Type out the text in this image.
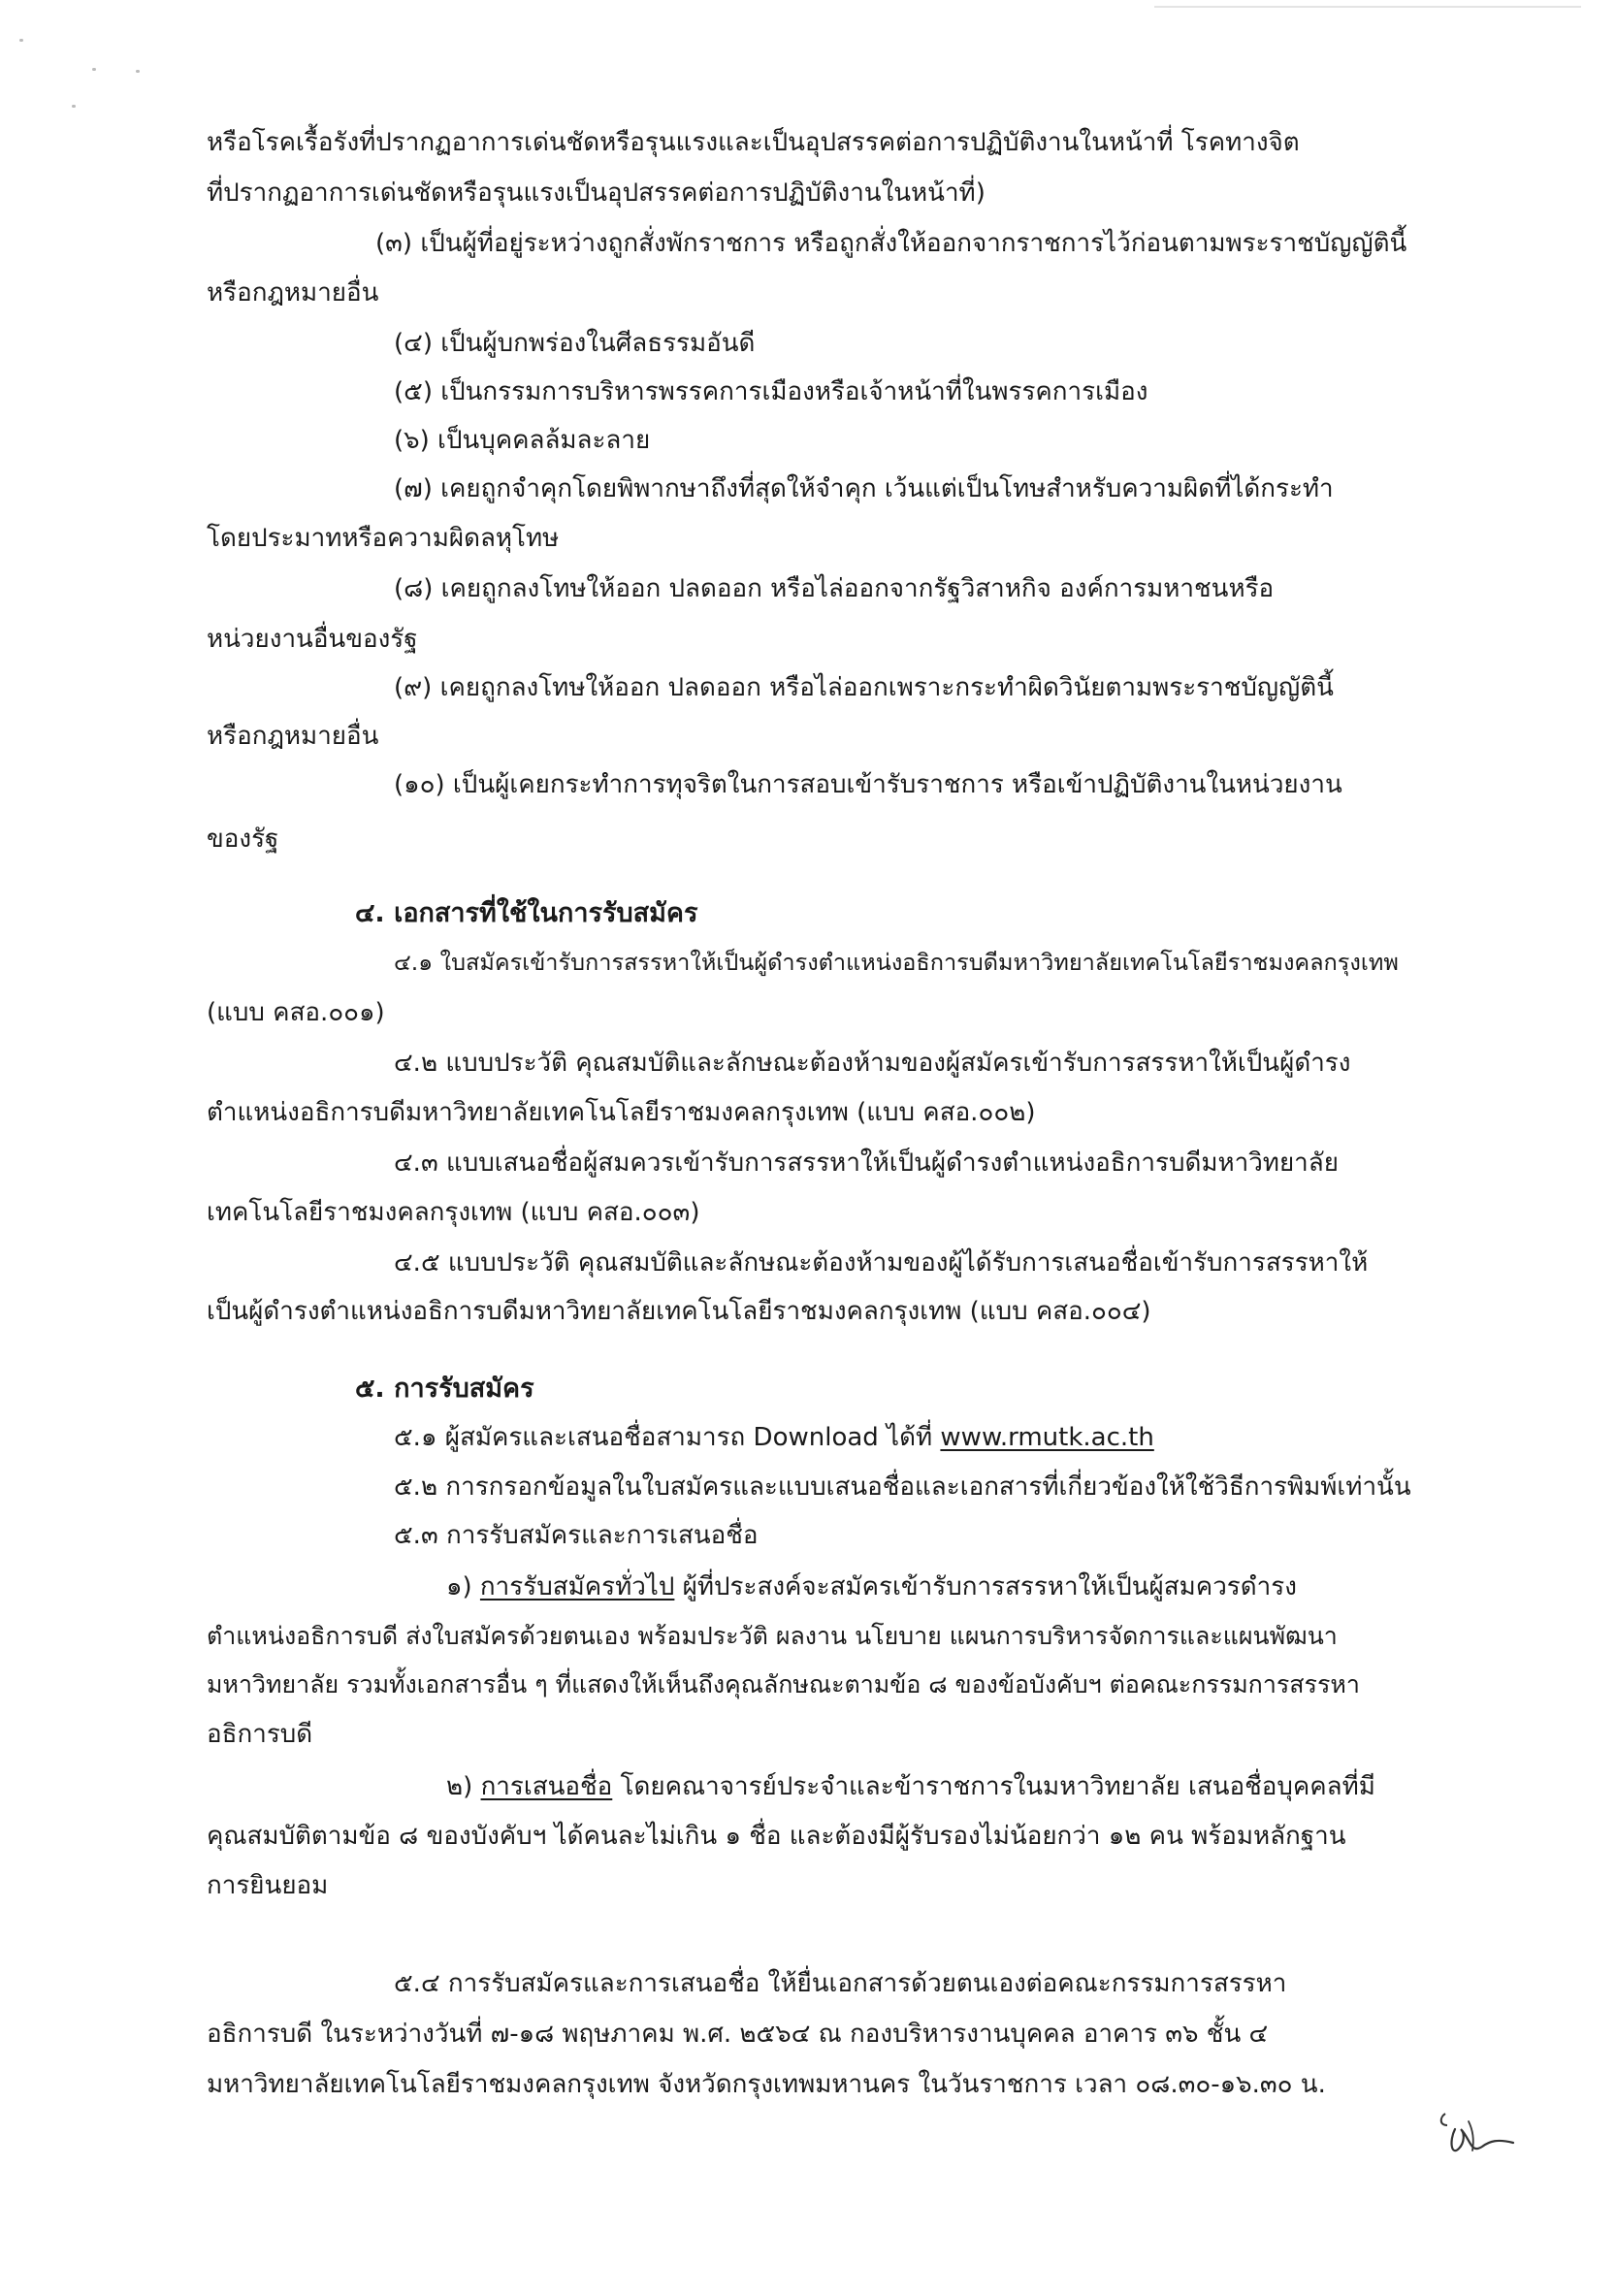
หรือโรคเรื้อรังที่ปรากฏอาการเด่นชัดหรือรุนแรงและเป็นอุปสรรคต่อการปฏิบัติงานในหน้าที่ โรคทางจิต
ที่ปรากฏอาการเด่นชัดหรือรุนแรงเป็นอุปสรรคต่อการปฏิบัติงานในหน้าที่)
(๓) เป็นผู้ที่อยู่ระหว่างถูกสั่งพักราชการ หรือถูกสั่งให้ออกจากราชการไว้ก่อนตามพระราชบัญญัตินี้
หรือกฎหมายอื่น
(๔) เป็นผู้บกพร่องในศีลธรรมอันดี
(๕) เป็นกรรมการบริหารพรรคการเมืองหรือเจ้าหน้าที่ในพรรคการเมือง
(๖) เป็นบุคคลล้มละลาย
(๗) เคยถูกจำคุกโดยพิพากษาถึงที่สุดให้จำคุก เว้นแต่เป็นโทษสำหรับความผิดที่ได้กระทำ
โดยประมาทหรือความผิดลหุโทษ
(๘) เคยถูกลงโทษให้ออก ปลดออก หรือไล่ออกจากรัฐวิสาหกิจ องค์การมหาชนหรือ
หน่วยงานอื่นของรัฐ
(๙) เคยถูกลงโทษให้ออก ปลดออก หรือไล่ออกเพราะกระทำผิดวินัยตามพระราชบัญญัตินี้
หรือกฎหมายอื่น
(๑๐) เป็นผู้เคยกระทำการทุจริตในการสอบเข้ารับราชการ หรือเข้าปฏิบัติงานในหน่วยงาน
ของรัฐ
๔. เอกสารที่ใช้ในการรับสมัคร
๔.๑ ใบสมัครเข้ารับการสรรหาให้เป็นผู้ดำรงตำแหน่งอธิการบดีมหาวิทยาลัยเทคโนโลยีราชมงคลกรุงเทพ
(แบบ คสอ.๐๐๑)
๔.๒ แบบประวัติ คุณสมบัติและลักษณะต้องห้ามของผู้สมัครเข้ารับการสรรหาให้เป็นผู้ดำรง
ตำแหน่งอธิการบดีมหาวิทยาลัยเทคโนโลยีราชมงคลกรุงเทพ (แบบ คสอ.๐๐๒)
๔.๓ แบบเสนอชื่อผู้สมควรเข้ารับการสรรหาให้เป็นผู้ดำรงตำแหน่งอธิการบดีมหาวิทยาลัย
เทคโนโลยีราชมงคลกรุงเทพ (แบบ คสอ.๐๐๓)
๔.๕ แบบประวัติ คุณสมบัติและลักษณะต้องห้ามของผู้ได้รับการเสนอชื่อเข้ารับการสรรหาให้
เป็นผู้ดำรงตำแหน่งอธิการบดีมหาวิทยาลัยเทคโนโลยีราชมงคลกรุงเทพ (แบบ คสอ.๐๐๔)
๕. การรับสมัคร
๕.๑ ผู้สมัครและเสนอชื่อสามารถ Download ได้ที่ www.rmutk.ac.th
๕.๒ การกรอกข้อมูลในใบสมัครและแบบเสนอชื่อและเอกสารที่เกี่ยวข้องให้ใช้วิธีการพิมพ์เท่านั้น
๕.๓ การรับสมัครและการเสนอชื่อ
๑) การรับสมัครทั่วไป ผู้ที่ประสงค์จะสมัครเข้ารับการสรรหาให้เป็นผู้สมควรดำรง
ตำแหน่งอธิการบดี ส่งใบสมัครด้วยตนเอง พร้อมประวัติ ผลงาน นโยบาย แผนการบริหารจัดการและแผนพัฒนา
มหาวิทยาลัย รวมทั้งเอกสารอื่น ๆ ที่แสดงให้เห็นถึงคุณลักษณะตามข้อ ๘ ของข้อบังคับฯ ต่อคณะกรรมการสรรหา
อธิการบดี
๒) การเสนอชื่อ โดยคณาจารย์ประจำและข้าราชการในมหาวิทยาลัย เสนอชื่อบุคคลที่มี
คุณสมบัติตามข้อ ๘ ของบังคับฯ ได้คนละไม่เกิน ๑ ชื่อ และต้องมีผู้รับรองไม่น้อยกว่า ๑๒ คน พร้อมหลักฐาน
การยินยอม
๕.๔ การรับสมัครและการเสนอชื่อ ให้ยื่นเอกสารด้วยตนเองต่อคณะกรรมการสรรหา
อธิการบดี ในระหว่างวันที่ ๗-๑๘ พฤษภาคม พ.ศ. ๒๕๖๔ ณ กองบริหารงานบุคคล อาคาร ๓๖ ชั้น ๔
มหาวิทยาลัยเทคโนโลยีราชมงคลกรุงเทพ จังหวัดกรุงเทพมหานคร ในวันราชการ เวลา ๐๘.๓๐-๑๖.๓๐ น.
